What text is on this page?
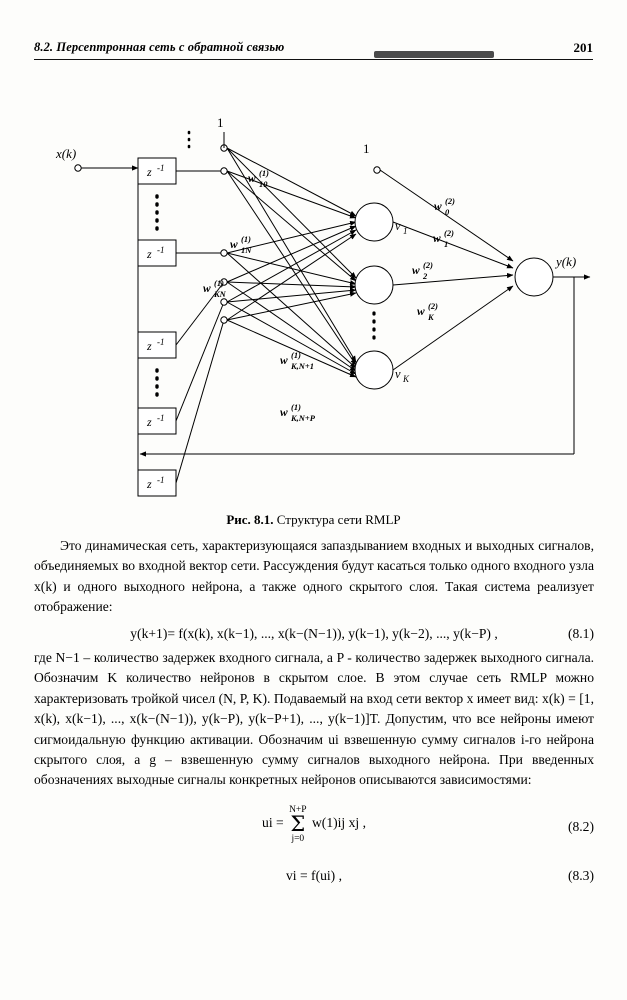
8.2. Персептронная сеть с обратной связью	201
x(k)
y(k)
1
1
z -1
z -1
z -1
z -1
z -1
v 1
v K
w (1)
10
w (1)
1N
w (1)
KN
w (1)
K,N+1
w (1)
K,N+P
w (2)
0
w (2)
1
w (2)
2
w (2)
K
Рис. 8.1. Структура сети RMLP

Это динамическая сеть, характеризующаяся запаздыванием входных и выходных сигналов, объединяемых во входной вектор сети. Рассуждения будут касаться только одного входного узла x(k) и одного выходного нейрона, а также одного скрытого слоя. Такая система реализует отображение:

y(k+1)= f(x(k), x(k−1), ..., x(k−(N−1)), y(k−1), y(k−2), ..., y(k−P) ,	(8.1)

где N−1 – количество задержек входного сигнала, а P - количество задержек выходного сигнала. Обозначим K количество нейронов в скрытом слое. В этом случае сеть RMLP можно характеризовать тройкой чисел (N, P, K). Подаваемый на вход сети вектор x имеет вид: x(k) = [1, x(k), x(k−1), ..., x(k−(N−1)), y(k−P), y(k−P+1), ..., y(k−1)]T. Допустим, что все нейроны имеют сигмоидальную функцию активации. Обозначим ui взвешенную сумму сигналов i-го нейрона скрытого слоя, а g – взвешенную сумму сигналов выходного нейрона. При введенных обозначениях выходные сигналы конкретных нейронов описываются зависимостями:

ui =
N+P
Σ
j=0
w(1)ij xj ,	(8.2)
vi = f(ui) ,	(8.3)
